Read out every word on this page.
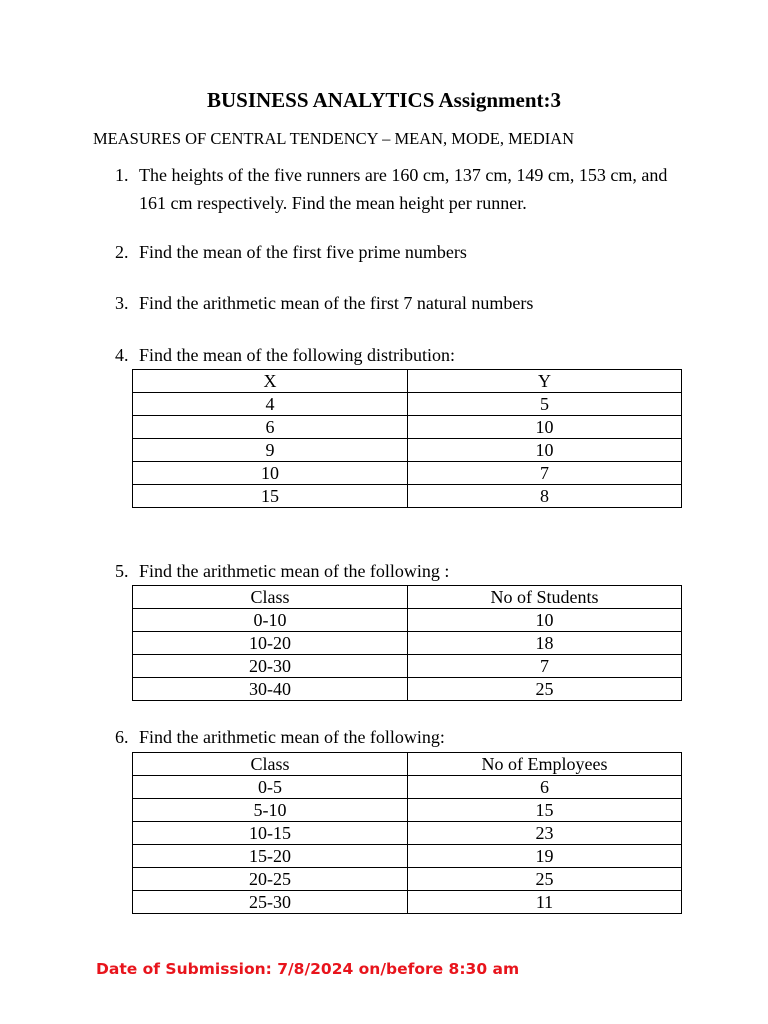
BUSINESS ANALYTICS Assignment:3
MEASURES OF CENTRAL TENDENCY – MEAN, MODE, MEDIAN
1. The heights of the five runners are 160 cm, 137 cm, 149 cm, 153 cm, and 161 cm respectively. Find the mean height per runner.
2. Find the mean of the first five prime numbers
3. Find the arithmetic mean of the first 7 natural numbers
4. Find the mean of the following distribution:
X	Y
4	5
6	10
9	10
10	7
15	8
5. Find the arithmetic mean of the following :
Class	No of Students
0-10	10
10-20	18
20-30	7
30-40	25
6. Find the arithmetic mean of the following:
Class	No of Employees
0-5	6
5-10	15
10-15	23
15-20	19
20-25	25
25-30	11
Date of Submission: 7/8/2024 on/before 8:30 am
